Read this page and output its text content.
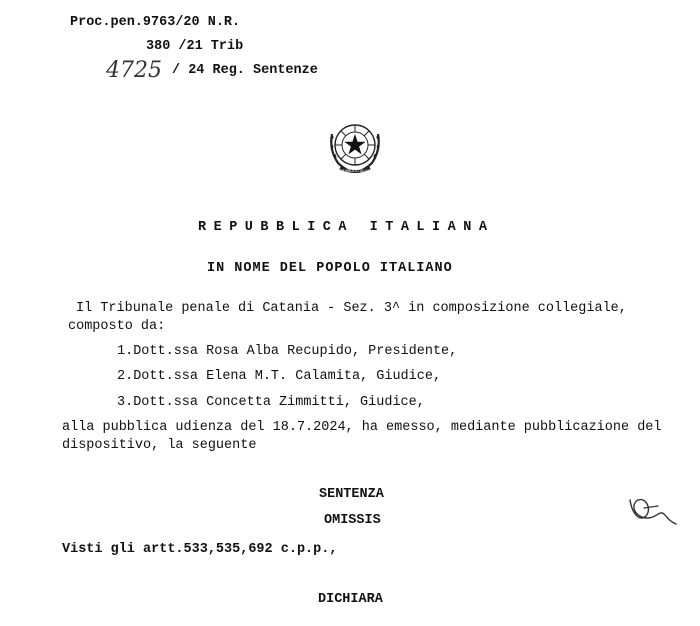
Proc.pen.9763/20 N.R.
380 /21 Trib
4725 / 24 Reg. Sentenze
REPUBBLICA ITALIANA
REPUBBLICA ITALIANA
IN NOME DEL POPOLO ITALIANO
Il Tribunale penale di Catania - Sez. 3^ in composizione collegiale,
composto da:
1.Dott.ssa Rosa Alba Recupido, Presidente,
2.Dott.ssa Elena M.T. Calamita, Giudice,
3.Dott.ssa Concetta Zimmitti, Giudice,
alla pubblica udienza del 18.7.2024, ha emesso, mediante pubblicazione del
dispositivo, la seguente
SENTENZA
OMISSIS
Visti gli artt.533,535,692 c.p.p.,
DICHIARA
